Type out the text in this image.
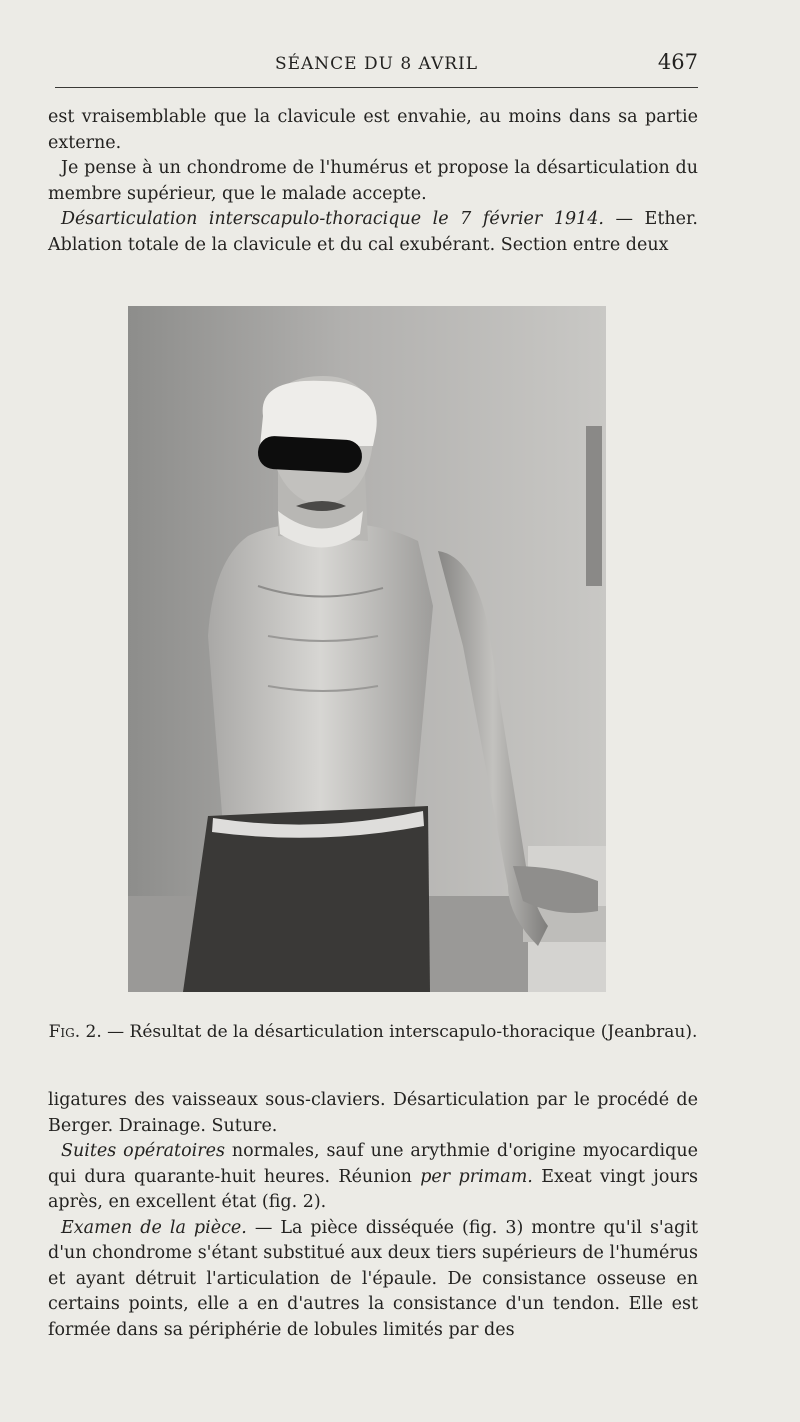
SÉANCE DU 8 AVRIL	467

est vraisemblable que la clavicule est envahie, au moins dans sa partie externe.

Je pense à un chondrome de l'humérus et propose la désarticulation du membre supérieur, que le malade accepte.

Désarticulation interscapulo-thoracique le 7 février 1914. — Ether. Ablation totale de la clavicule et du cal exubérant. Section entre deux

Fig. 2. — Résultat de la désarticulation interscapulo-thoracique (Jeanbrau).

ligatures des vaisseaux sous-claviers. Désarticulation par le procédé de Berger. Drainage. Suture.

Suites opératoires normales, sauf une arythmie d'origine myocardique qui dura quarante-huit heures. Réunion per primam. Exeat vingt jours après, en excellent état (fig. 2).

Examen de la pièce. — La pièce disséquée (fig. 3) montre qu'il s'agit d'un chondrome s'étant substitué aux deux tiers supérieurs de l'humérus et ayant détruit l'articulation de l'épaule. De consistance osseuse en certains points, elle a en d'autres la consistance d'un tendon. Elle est formée dans sa périphérie de lobules limités par des
